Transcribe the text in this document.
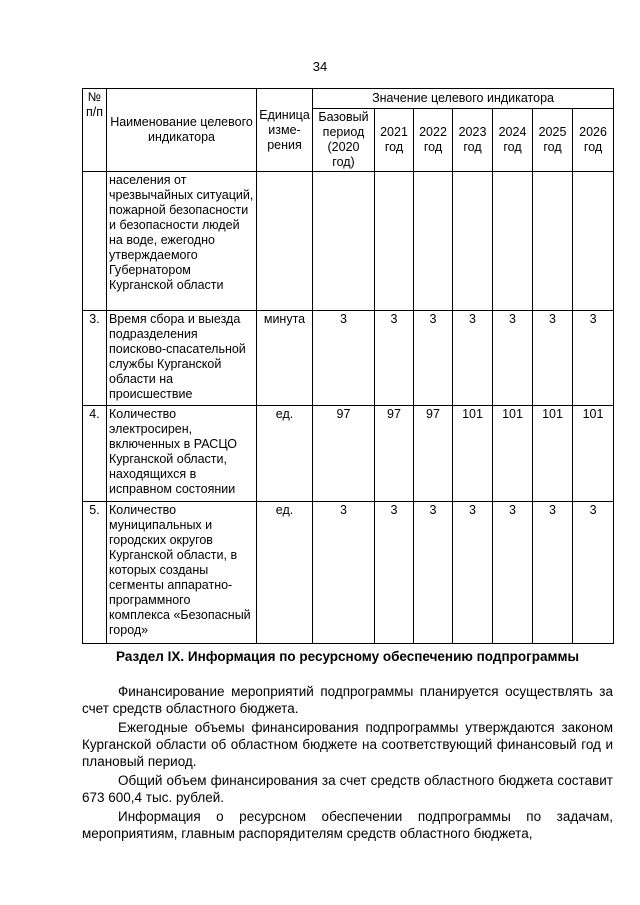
34
№ п/п	Наименование целевого индикатора	Единица изме-рения	Значение целевого индикатора						
			Базовый период (2020 год)	2021 год	2022 год	2023 год	2024 год	2025 год	2026 год
	населения от чрезвычайных ситуаций, пожарной безопасности и безопасности людей на воде, ежегодно утверждаемого Губернатором Курганской области								
3.	Время сбора и выезда подразделения поисково-спасательной службы Курганской области на происшествие	минута	3	3	3	3	3	3	3
4.	Количество электросирен, включенных в РАСЦО Курганской области, находящихся в исправном состоянии	ед.	97	97	97	101	101	101	101
5.	Количество муниципальных и городских округов Курганской области, в которых созданы сегменты аппаратно-программного комплекса «Безопасный город»	ед.	3	3	3	3	3	3	3
Раздел IX. Информация по ресурсному обеспечению подпрограммы

Финансирование мероприятий подпрограммы планируется осуществлять за счет средств областного бюджета.

Ежегодные объемы финансирования подпрограммы утверждаются законом Курганской области об областном бюджете на соответствующий финансовый год и плановый период.

Общий объем финансирования за счет средств областного бюджета составит 673 600,4 тыс. рублей.

Информация о ресурсном обеспечении подпрограммы по задачам, мероприятиям, главным распорядителям средств областного бюджета,
